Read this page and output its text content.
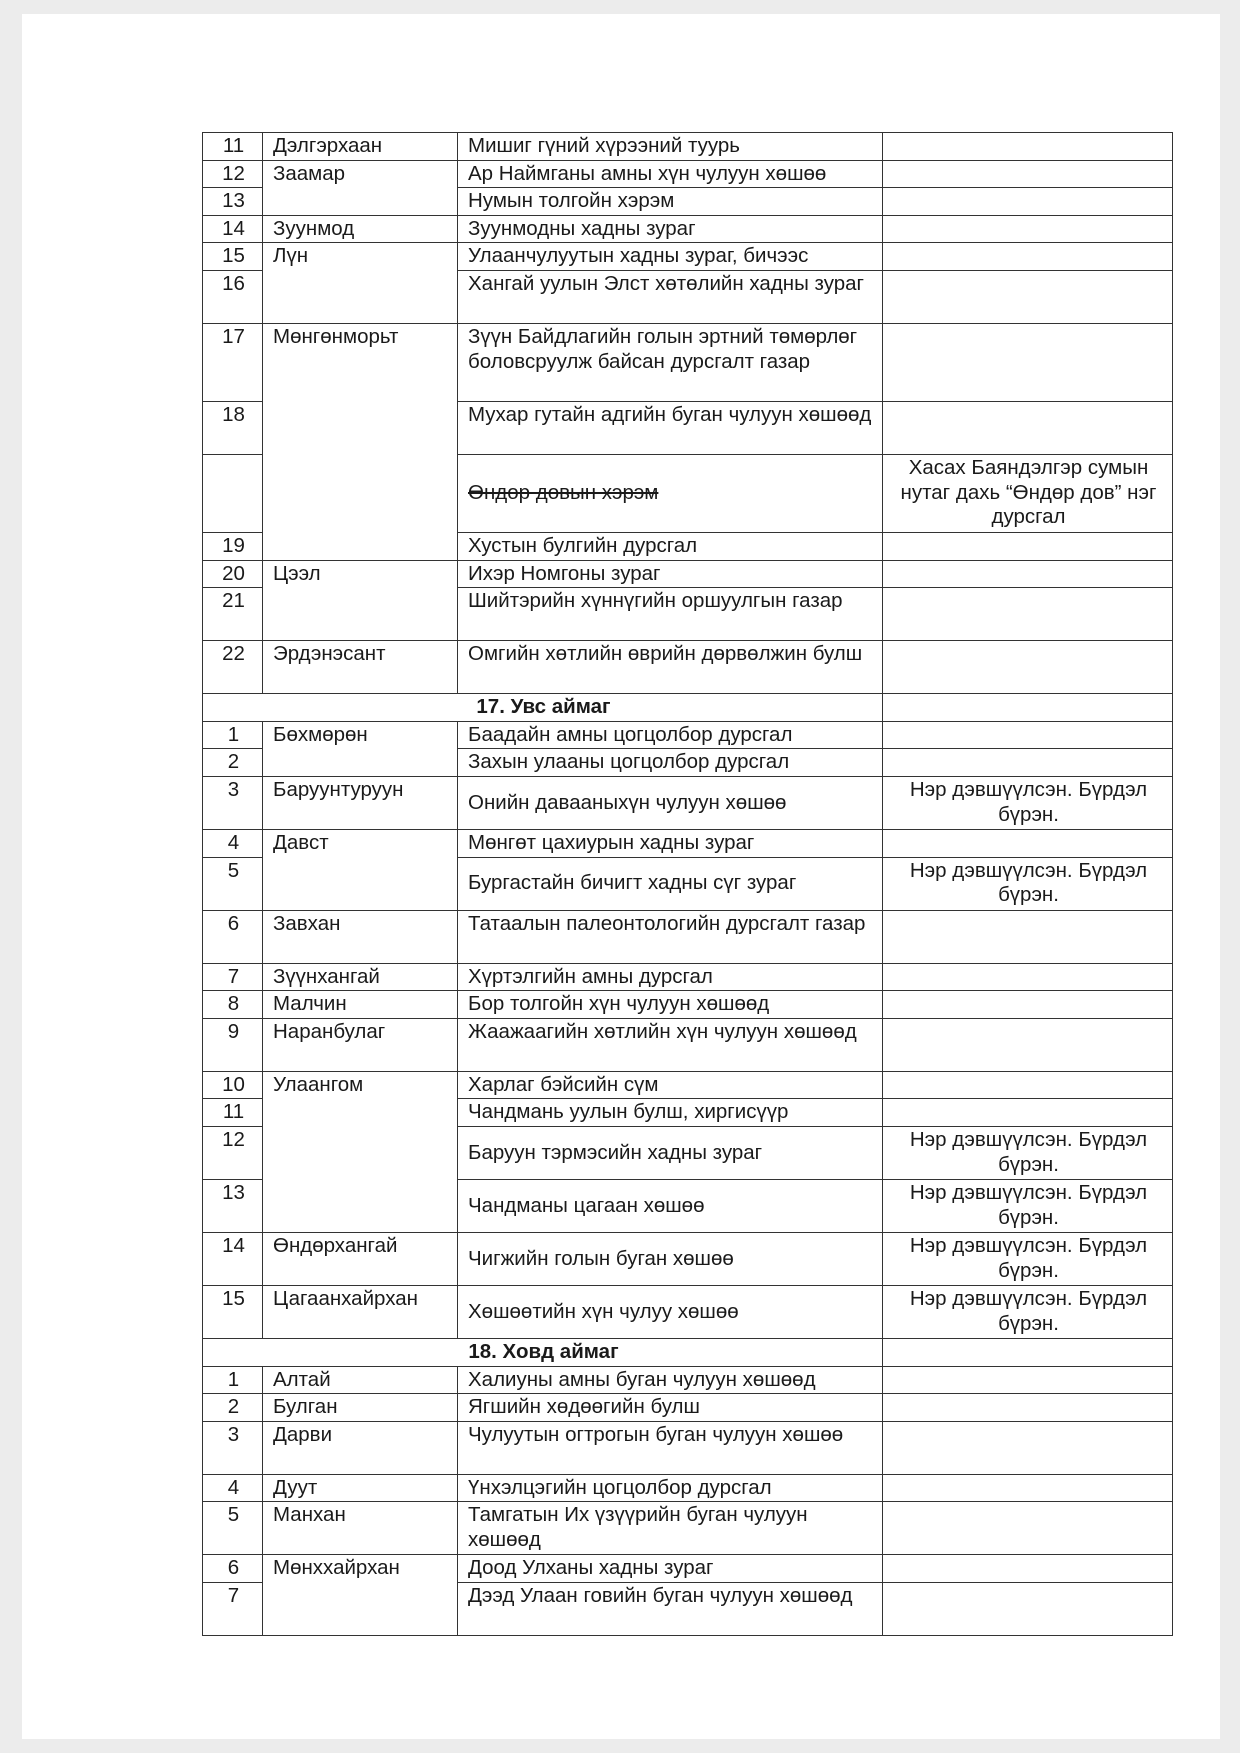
11	Дэлгэрхаан	Мишиг гүний хүрээний туурь	
12	Заамар	Ар Наймганы амны хүн чулуун хөшөө	
13		Нумын толгойн хэрэм	
14	Зуунмод	Зуунмодны хадны зураг	
15	Лүн	Улаанчулуутын хадны зураг, бичээс	
16		Хангай уулын Элст хөтөлийн хадны зураг	
17	Мөнгөнморьт	Зүүн Байдлагийн голын эртний төмөрлөг боловсруулж байсан дурсгалт газар	
18		Мухар гутайн адгийн буган чулуун хөшөөд	
		Өндөр довын хэрэм	Хасах Баяндэлгэр сумын нутаг дахь “Өндөр дов” нэг дурсгал
19		Хустын булгийн дурсгал	
20	Цээл	Ихэр Номгоны зураг	
21		Шийтэрийн хүннүгийн оршуулгын газар	
22	Эрдэнэсант	Омгийн хөтлийн өврийн дөрвөлжин булш	
17. Увс аймаг			
1	Бөхмөрөн	Баадайн амны цогцолбор дурсгал	
2		Захын улааны цогцолбор дурсгал	
3	Баруунтуруун	Онийн давааныхүн чулуун хөшөө	Нэр дэвшүүлсэн. Бүрдэл бүрэн.
4	Давст	Мөнгөт цахиурын хадны зураг	
5		Бургастайн бичигт хадны сүг зураг	Нэр дэвшүүлсэн. Бүрдэл бүрэн.
6	Завхан	Татаалын палеонтологийн дурсгалт газар	
7	Зүүнхангай	Хүртэлгийн амны дурсгал	
8	Малчин	Бор толгойн хүн чулуун хөшөөд	
9	Наранбулаг	Жаажаагийн хөтлийн хүн чулуун хөшөөд	
10	Улаангом	Харлаг бэйсийн сүм	
11		Чандмань уулын булш, хиргисүүр	
12		Баруун тэрмэсийн хадны зураг	Нэр дэвшүүлсэн. Бүрдэл бүрэн.
13		Чандманы цагаан хөшөө	Нэр дэвшүүлсэн. Бүрдэл бүрэн.
14	Өндөрхангай	Чигжийн голын буган хөшөө	Нэр дэвшүүлсэн. Бүрдэл бүрэн.
15	Цагаанхайрхан	Хөшөөтийн хүн чулуу хөшөө	Нэр дэвшүүлсэн. Бүрдэл бүрэн.
18. Ховд аймаг			
1	Алтай	Халиуны амны буган чулуун хөшөөд	
2	Булган	Ягшийн хөдөөгийн булш	
3	Дарви	Чулуутын огтрогын буган чулуун хөшөө	
4	Дуут	Үнхэлцэгийн цогцолбор дурсгал	
5	Манхан	Тамгатын Их үзүүрийн буган чулуун хөшөөд	
6	Мөнххайрхан	Доод Улханы хадны зураг	
7		Дээд Улаан говийн буган чулуун хөшөөд	
